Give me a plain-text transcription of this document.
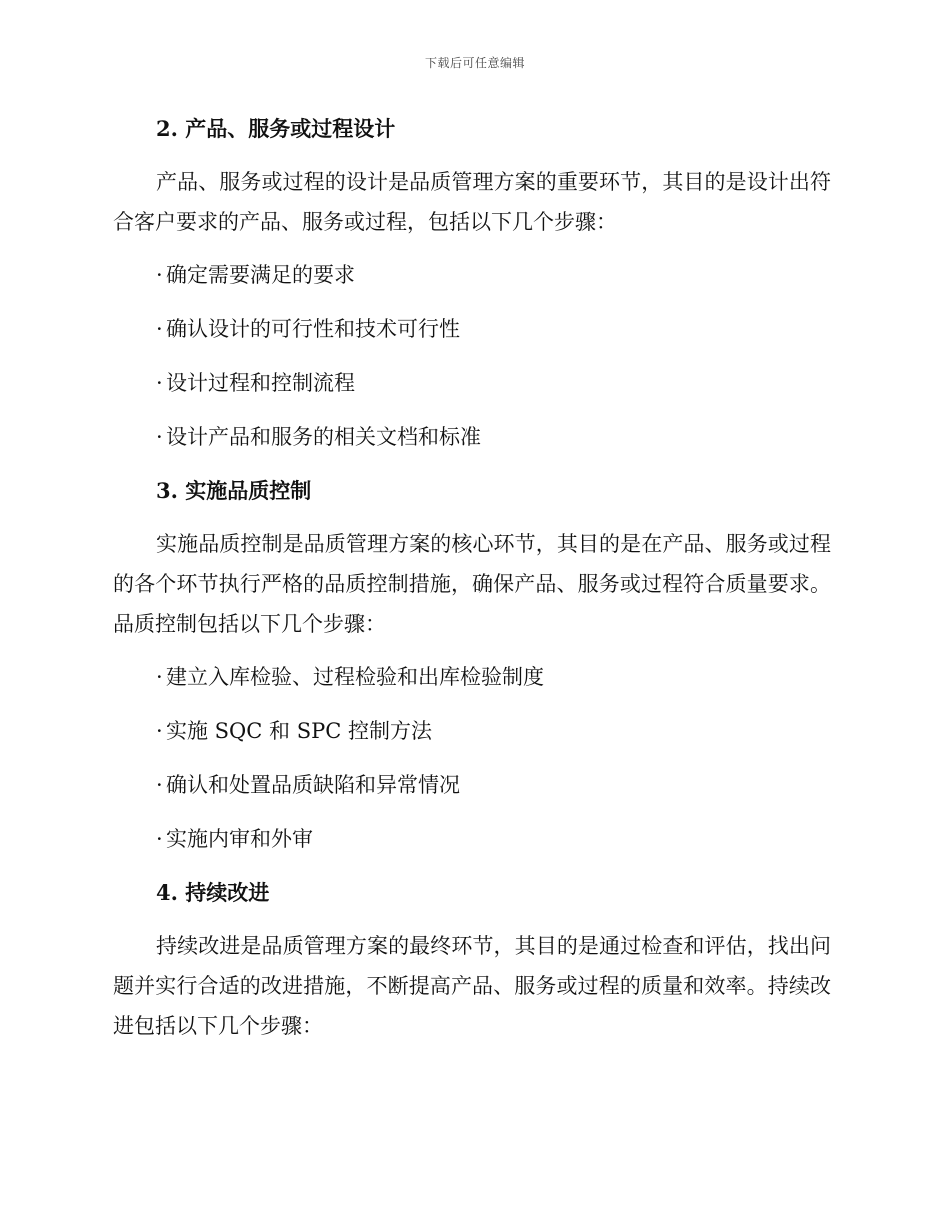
下载后可任意编辑
2. 产品、服务或过程设计

产品、服务或过程的设计是品质管理方案的重要环节，其目的是设计出符合客户要求的产品、服务或过程，包括以下几个步骤：

· 确定需要满足的要求
· 确认设计的可行性和技术可行性
· 设计过程和控制流程
· 设计产品和服务的相关文档和标准
3. 实施品质控制

实施品质控制是品质管理方案的核心环节，其目的是在产品、服务或过程的各个环节执行严格的品质控制措施，确保产品、服务或过程符合质量要求。品质控制包括以下几个步骤：

· 建立入库检验、过程检验和出库检验制度
· 实施 SQC 和 SPC 控制方法
· 确认和处置品质缺陷和异常情况
· 实施内审和外审
4. 持续改进

持续改进是品质管理方案的最终环节，其目的是通过检查和评估，找出问题并实行合适的改进措施，不断提高产品、服务或过程的质量和效率。持续改进包括以下几个步骤：
